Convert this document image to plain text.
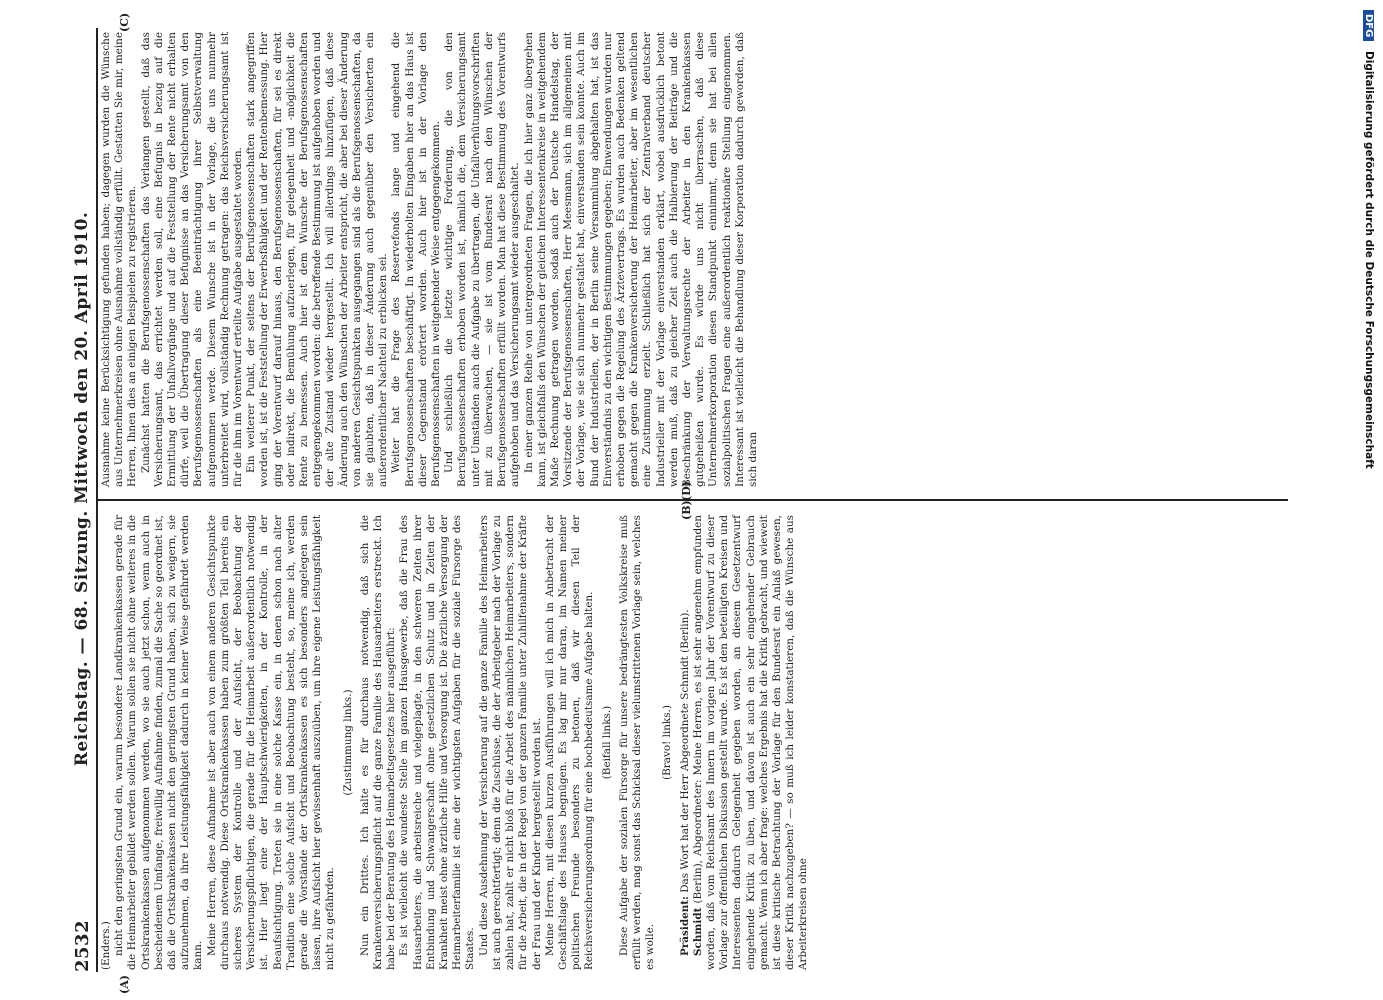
2532
Reichstag. — 68. Sitzung. Mittwoch den 20. April 1910.
(A)
(B)
(C)
(D)

(Enders.) nicht den geringsten Grund ein, warum besondere Landkrankenkassen gerade für die Heimarbeiter gebildet werden sollen. Warum sollen sie nicht ohne weiteres in die Ortskrankenkassen aufgenommen werden, wo sie auch jetzt schon, wenn auch in bescheidenem Umfange, freiwillig Aufnahme finden, zumal die Sache so geordnet ist, daß die Ortskrankenkassen nicht den geringsten Grund haben, sich zu weigern, sie aufzunehmen, da ihre Leistungsfähigkeit dadurch in keiner Weise gefährdet werden kann. Meine Herren, diese Aufnahme ist aber auch von einem anderen Gesichtspunkte durchaus notwendig. Diese Ortskrankenkassen haben zum größten Teil bereits ein sicheres System der Kontrolle und der Aufsicht, der Beobachtung der Versicherungspflichtigen, die gerade für die Heimarbeit außerordentlich notwendig ist. Hier liegt eine der Hauptschwierigkeiten, in der Kontrolle, in der Beaufsichtigung. Treten sie in eine solche Kasse ein, in denen schon nach alter Tradition eine solche Aufsicht und Beobachtung besteht, so, meine ich, werden gerade die Vorstände der Ortskrankenkassen es sich besonders angelegen sein lassen, ihre Aufsicht hier gewissenhaft auszuüben, um ihre eigene Leistungsfähigkeit nicht zu gefährden.

(Zustimmung links.) Nun ein Drittes. Ich halte es für durchaus notwendig, daß sich die Krankenversicherungspflicht auf die ganze Familie des Hausarbeiters erstreckt. Ich habe bei der Beratung des Heimarbeitsgesetzes hier ausgeführt: Es ist vielleicht die wundeste Stelle im ganzen Hausgewerbe, daß die Frau des Hausarbeiters, die arbeitsreiche und vielgeplagte, in den schweren Zeiten ihrer Entbindung und Schwangerschaft ohne gesetzlichen Schutz und in Zeiten der Krankheit meist ohne ärztliche Hilfe und Versorgung ist. Die ärztliche Versorgung der Heimarbeiterfamilie ist eine der wichtigsten Aufgaben für die soziale Fürsorge des Staates. Und diese Ausdehnung der Versicherung auf die ganze Familie des Heimarbeiters ist auch gerechtfertigt; denn die Zuschüsse, die der Arbeitgeber nach der Vorlage zu zahlen hat, zahlt er nicht bloß für die Arbeit des männlichen Heimarbeiters, sondern für die Arbeit, die in der Regel von der ganzen Familie unter Zuhilfenahme der Kräfte der Frau und der Kinder hergestellt worden ist. Meine Herren, mit diesen kurzen Ausführungen will ich mich in Anbetracht der Geschäftslage des Hauses begnügen. Es lag mir nur daran, im Namen meiner politischen Freunde besonders zu betonen, daß wir diesen Teil der Reichsversicherungsordnung für eine hochbedeutsame Aufgabe halten. (Beifall links.) Diese Aufgabe der sozialen Fürsorge für unsere bedrängtesten Volkskreise muß erfüllt werden, mag sonst das Schicksal dieser vielumstrittenen Vorlage sein, welches es wolle.

(Bravo! links.)

Präsident: Das Wort hat der Herr Abgeordnete Schmidt (Berlin).

Schmidt (Berlin), Abgeordneter: Meine Herren, es ist sehr angenehm empfunden worden, daß vom Reichsamt des Innern im vorigen Jahr der Vorentwurf zu dieser Vorlage zur öffentlichen Diskussion gestellt wurde. Es ist den beteiligten Kreisen und Interessenten dadurch Gelegenheit gegeben worden, an diesem Gesetzentwurf eingehende Kritik zu üben, und davon ist auch ein sehr eingehender Gebrauch gemacht. Wenn ich aber frage: welches Ergebnis hat die Kritik gebracht, und wieweit ist diese kritische Betrachtung der Vorlage für den Bundesrat ein Anlaß gewesen, dieser Kritik nachzugeben? — so muß ich leider konstatieren, daß die Wünsche aus Arbeiterkreisen ohne

Ausnahme keine Berücksichtigung gefunden haben; dagegen wurden die Wünsche aus Unternehmerkreisen ohne Ausnahme vollständig erfüllt. Gestatten Sie mir, meine Herren, Ihnen dies an einigen Beispielen zu registrieren. Zunächst hatten die Berufsgenossenschaften das Verlangen gestellt, daß das Versicherungsamt, das errichtet werden soll, eine Befugnis in bezug auf die Ermittlung der Unfallvorgänge und auf die Feststellung der Rente nicht erhalten dürfe, weil die Übertragung dieser Befugnisse an das Versicherungsamt von den Berufsgenossenschaften als eine Beeinträchtigung ihrer Selbstverwaltung aufgenommen werde. Diesem Wunsche ist in der Vorlage, die uns nunmehr unterbreitet wird, vollständig Rechnung getragen: das Reichsversicherungsamt ist für die ihm im Vorentwurf erteilte Aufgabe ausgestaltet worden. Ein weiterer Punkt, der seitens der Berufsgenossenschaften stark angegriffen worden ist, ist die Feststellung der Erwerbsfähigkeit und der Rentenbemessung. Hier ging der Vorentwurf darauf hinaus, den Berufsgenossenschaften, für sei es direkt oder indirekt, die Bemühung aufzuerlegen, für gelegenheit und -möglichkeit die Rente zu bemessen. Auch hier ist dem Wunsche der Berufsgenossenschaften entgegengekommen worden: die betreffende Bestimmung ist aufgehoben worden und der alte Zustand wieder hergestellt. Ich will allerdings hinzufügen, daß diese Änderung auch den Wünschen der Arbeiter entspricht, die aber bei dieser Änderung von anderen Gesichtspunkten ausgegangen sind als die Berufsgenossenschaften, da sie glaubten, daß in dieser Änderung auch gegenüber den Versicherten ein außerordentlicher Nachteil zu erblicken sei. Weiter hat die Frage des Reservefonds lange und eingehend die Berufsgenossenschaften beschäftigt. In wiederholten Eingaben hier an das Haus ist dieser Gegenstand erörtert worden. Auch hier ist in der Vorlage den Berufsgenossenschaften in weitgehender Weise entgegengekommen. Und schließlich die letzte wichtige Forderung, die von den Berufsgenossenschaften erhoben worden ist, nämlich die, dem Versicherungsamt unter Umständen auch die Aufgabe zu übertragen, die Unfallverhütungsvorschriften mit zu überwachen, — sie ist vom Bundesrat nach den Wünschen der Berufsgenossenschaften erfüllt worden. Man hat diese Bestimmung des Vorentwurfs aufgehoben und das Versicherungsamt wieder ausgeschaltet. In einer ganzen Reihe von untergeordneten Fragen, die ich hier ganz übergehen kann, ist gleichfalls den Wünschen der gleichen Interessentenkreise in weitgehendem Maße Rechnung getragen worden, sodaß auch der Deutsche Handelstag, der Vorsitzende der Berufsgenossenschaften, Herr Meesmann, sich im allgemeinen mit der Vorlage, wie sie sich nunmehr gestaltet hat, einverstanden sein konnte. Auch im Bund der Industriellen, der in Berlin seine Versammlung abgehalten hat, ist das Einverständnis zu den wichtigen Bestimmungen gegeben; Einwendungen wurden nur erhoben gegen die Regelung des Ärztevertrags. Es wurden auch Bedenken geltend gemacht gegen die Krankenversicherung der Heimarbeiter, aber im wesentlichen eine Zustimmung erzielt. Schließlich hat sich der Zentralverband deutscher Industrieller mit der Vorlage einverstanden erklärt, wobei ausdrücklich betont werden muß, daß zu gleicher Zeit auch die Halbierung der Beiträge und die Beschränkung der Verwaltungsrechte der Arbeiter in den Krankenkassen gutgeheißen wurde. Es würde uns nicht überraschen, daß diese Unternehmerkorporation diesen Standpunkt einnimmt, denn sie hat bei allen sozialpolitischen Fragen eine außerordentlich reaktionäre Stellung eingenommen. Interessant ist vielleicht die Behandlung dieser Korporation dadurch geworden, daß sich daran

DFG Digitalisierung gefördert durch die Deutsche Forschungsgemeinschaft
